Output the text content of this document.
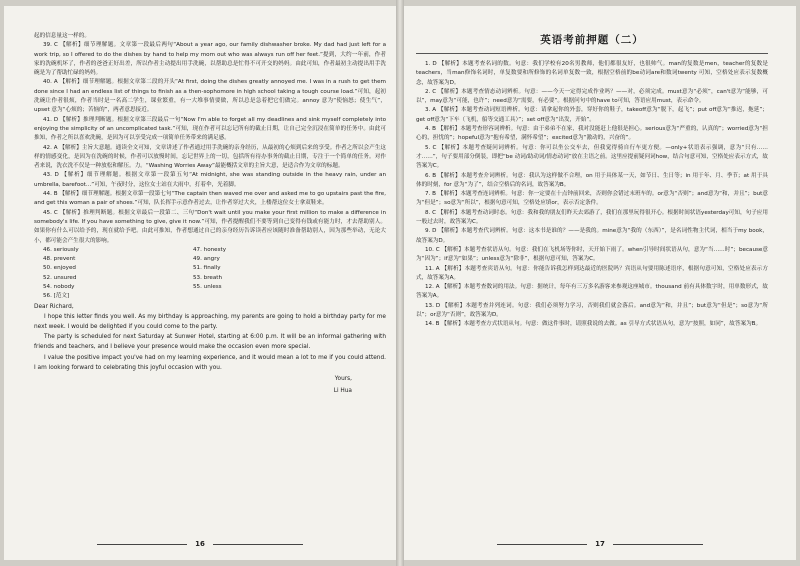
起的信息量这一样的。

39. C 【解析】细节理解题。文章第一段最后两句“About a year ago, our family dishwasher broke. My dad had just left for a work trip, so I offered to do the dishes by hand to help my mom out who was always run off her feet.”提到，大约一年前，作者家的洗碗机坏了，作者的爸爸正好出差，所以作者主动提出用手洗碗，以帮助总是忙得不可开交的妈妈。由此可知，作者最初主动提出用手洗碗是为了帮助忙碌的妈妈。

40. A 【解析】细节理解题。根据文章第二段的开头“At first, doing the dishes greatly annoyed me. I was in a rush to get them done since I had an endless list of things to finish as a then-sophomore in high school taking a tough course load.”可知，起初洗碗让作者很烦，作者当时是一名高二学生，课业繁重，有一大堆事情要做，所以总是急着把它们做完。annoy 意为“使恼怒；使生气”，upset 意为“心烦的；苦恼的”，两者意思接近。

41. D 【解析】推理判断题。根据文章第三段最后一句“Now I'm able to forget all my deadlines and sink myself completely into enjoying the simplicity of an uncomplicated task.”可知，现在作者可以忘记所有的截止日期，让自己完全沉浸在简单的任务中。由此可推知，作者之所以喜欢洗碗，是因为可以享受完成一项简单任务带来的满足感。

42. A 【解析】主旨大意题。通读全文可知，文章讲述了作者通过用手洗碗的亲身经历，从最初的心烦到后来的享受。作者之所以会产生这样的情感变化，是因为在洗碗的时候，作者可以放慢时间，忘记世界上的一切，包括所有待办事务的截止日期，专注于一个简单的任务。对作者来说，洗衣洗不仅是一种放松和解压。力。“Washing Worries Away”最能概括文章的主旨大意，是适合作为文章的标题。

43. D 【解析】细节理解题。根据文章第一段第五句“At midnight, she was standing outside in the heavy rain, under an umbrella, barefoot...”可知，午夜时分，这位女士站在大雨中，打着伞，光着脚。

44. B 【解析】细节理解题。根据文章第一段第七句“The captain then waved me over and asked me to go upstairs past the fire, and get this woman a pair of shoes.”可知，队长挥手示意作者过去，让作者穿过大火，上楼帮这位女士拿双鞋来。

45. C 【解析】推理判断题。根据文章最后一段第二、三句“Don't wait until you make your first million to make a difference in somebody's life. If you have something to give, give it now.”可知，作者提醒我们不要等到自己变得有钱或有能力时，才去帮助别人。如果你有什么可以给予的，现在就给予吧。由此可推知，作者想通过自己的亲身经历告诉读者应该随时准备帮助别人，因为那些举动，无论大小，都可能会产生很大的影响。

46. seriously	47. honesty
48. prevent	49. angry
50. enjoyed	51. finally
52. unsured	53. breath
54. nobody	55. unless
56. [范文]

Dear Richard,

I hope this letter finds you well. As my birthday is approaching, my parents are going to hold a birthday party for me next week. I would be delighted if you could come to the party.

The party is scheduled for next Saturday at Sunwer Hotel, starting at 6:00 p.m. It will be an informal gathering with friends and teachers, and I believe your presence would make the occasion even more special.

I value the positive impact you've had on my learning experience, and it would mean a lot to me if you could attend. I am looking forward to celebrating this joyful occasion with you.

Yours,
Li Hua
16
英语考前押题（二）

1. D 【解析】本题考查名词的数。句意：我们学校有20名男教师，他们都很友好，也很帅气。man的复数是men，teacher的复数是teachers，当man修饰名词时，单复数要和所修饰的名词单复数一致，根据空格前的be动词are和数词twenty 可知，空格处应表示复数概念，故答案为D。

2. C 【解析】本题考查情态动词辨析。句意：——今天一定得完成作业吗？——对，必须完成。must意为“必须”，can't意为“能够，可以”，may意为“可能，也许”；need意为“需要，有必要”。根据问句中的have to可知，答语应用must，表示命令。

3. A 【解析】本题考查动词短语辨析。句意：请拿起你的外套，穿好你的鞋子，takeoff意为“脱下，起飞”；put off意为“推迟，拖延”；get off意为“下车（飞机，船等交通工具）”；set off意为“出发，开始”。

4. B 【解析】本题考查形容词辨析。句意：由于弟弟不在家，我对没能赶上他很是担心。serious意为“严重的，认真的”；worried意为“担心的，担忧的”；hopeful意为“抱有希望，满怀希望”；excited意为“激动的，兴奋的”。

5. C 【解析】本题考查疑问词辨析。句意：你可以坐公交车去，但我觉得骑自行车更方便。—only+状语表示强调，意为“只有……才……”，句子要用部分倒装，即把“be 动词/助动词/情态动词”放在主语之前。这里应提前疑问词how，结合句意可知，空格处应表示方式，故答案为C。

6. B 【解析】本题考查介词辨析。句意：我认为这样做不合理，on 用于具体某一天，如节日、生日等；in 用于年、月、季节；at 用于具体的时刻，for 意为“为了”，结合空格后的名词，故答案为B。

7. B 【解析】本题考查连词辨析。句意：你一定要在十点钟前回来，否则你会错过末班车的。or意为“否则”；and意为“和，并且”；but意为“但是”；so意为“所以”，根据句意可知，空格处应填or，表示否定条件。

8. C 【解析】本题考查动词时态。句意：我和我的朋友们昨天去郊游了，我们在那里玩得很开心。根据时间状语yesterday可知，句子应用一般过去时，故答案为C。

9. D 【解析】本题考查代词辨析。句意：这本书是谁的？——是我的。mine意为“我的（东西）”，是名词性物主代词，相当于my book，故答案为D。

10. C 【解析】本题考查状语从句。句意：我们在飞机场等你时，天开始下雨了。when引导时间状语从句，意为“当……时”；because意为“因为”；if意为“如果”；unless意为“除非”，根据句意可知，答案为C。

11. A 【解析】本题考查宾语从句。句意：你能告诉我怎样到达最近的医院吗？宾语从句要用陈述语序，根据句意可知，空格处应表示方式，故答案为A。

12. A 【解析】本题考查数词的用法。句意：据统计，每年有三万多名游客来参观这座城市。thousand 前有具体数字时，用单数形式，故答案为A。

13. D 【解析】本题考查并列连词。句意：我们必须努力学习，否则我们就会落后。and意为“和，并且”；but意为“但是”；so意为“所以”；or意为“否则”，故答案为D。

14. B 【解析】本题考查方式状语从句。句意：做这件事时，请照我说的去做。as 引导方式状语从句，意为“按照，如同”，故答案为B。

17
